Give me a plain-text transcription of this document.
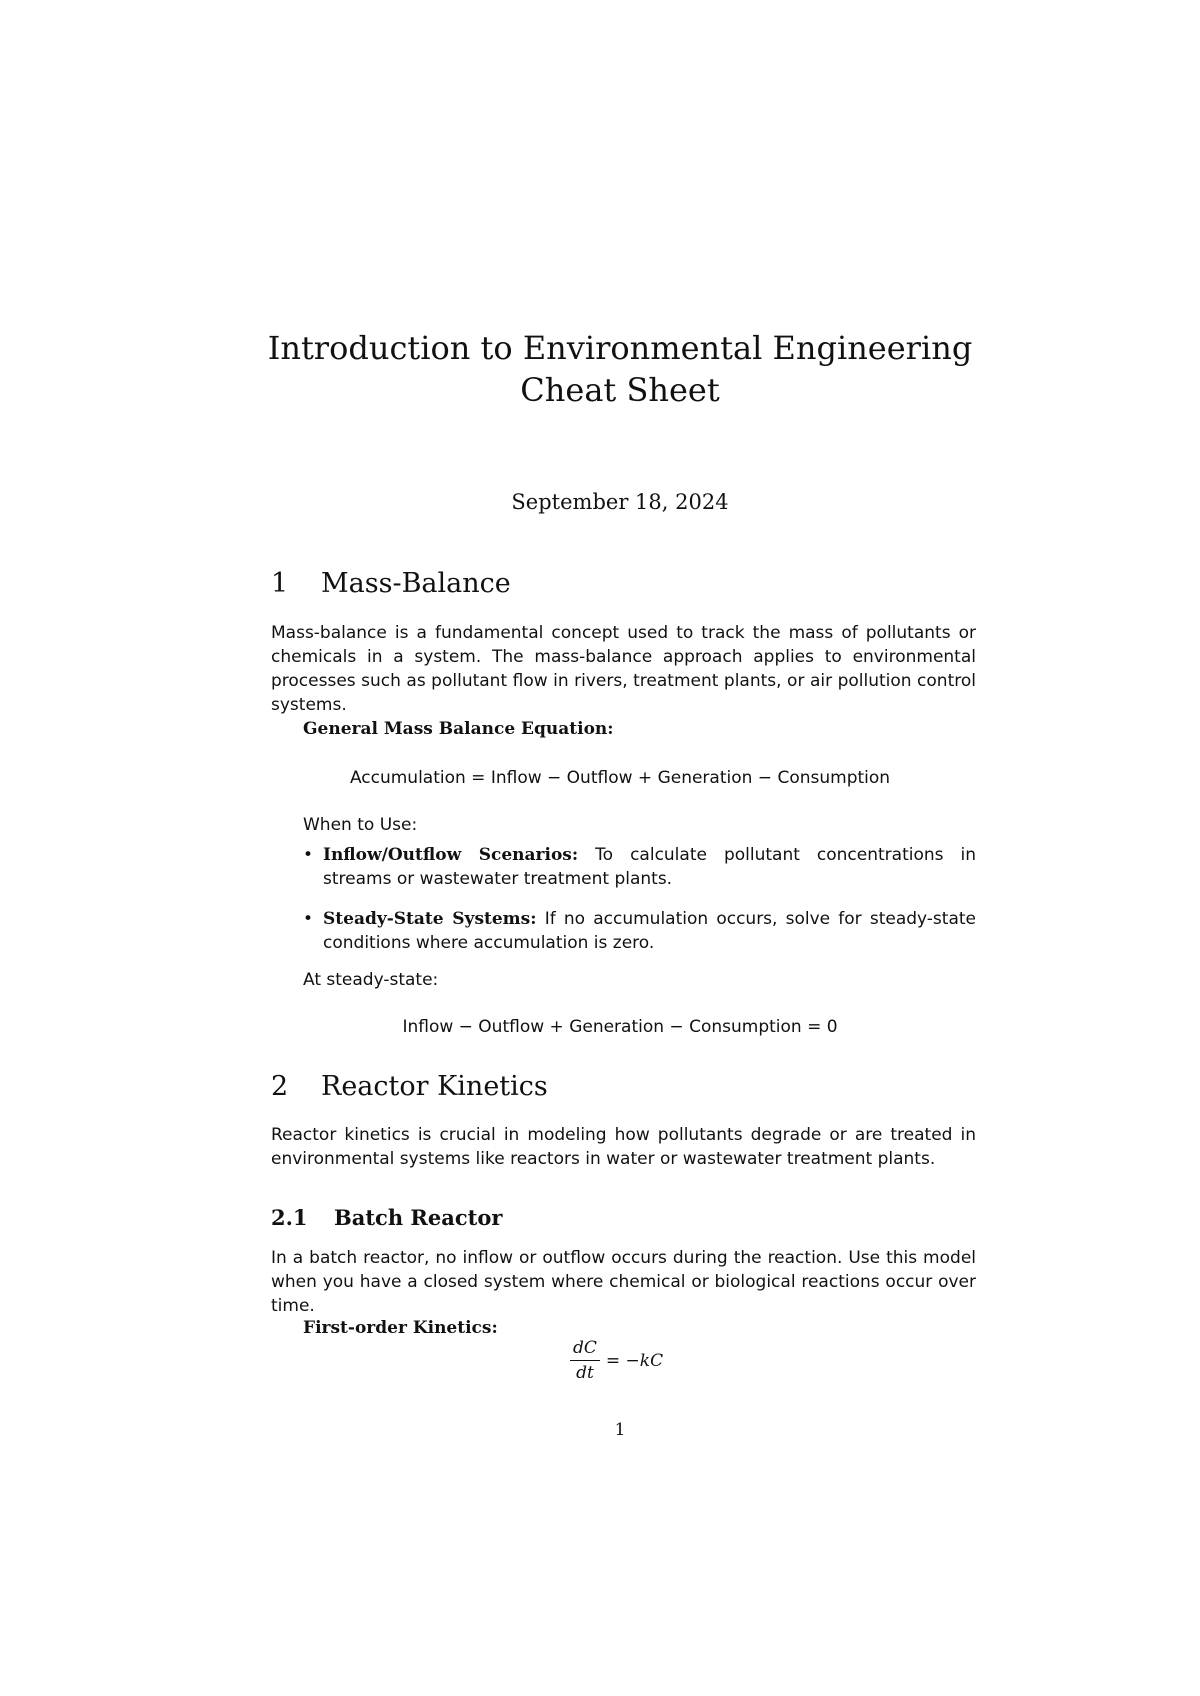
Introduction to Environmental Engineering
Cheat Sheet
September 18, 2024
1 Mass-Balance
Mass-balance is a fundamental concept used to track the mass of pollutants or chemicals in a system. The mass-balance approach applies to environmental processes such as pollutant flow in rivers, treatment plants, or air pollution control systems.
General Mass Balance Equation:
Accumulation = Inflow − Outflow + Generation − Consumption
When to Use:
• Inflow/Outflow Scenarios: To calculate pollutant concentrations in streams or wastewater treatment plants.
• Steady-State Systems: If no accumulation occurs, solve for steady-state conditions where accumulation is zero.
At steady-state:
Inflow − Outflow + Generation − Consumption = 0
2 Reactor Kinetics
Reactor kinetics is crucial in modeling how pollutants degrade or are treated in environmental systems like reactors in water or wastewater treatment plants.
2.1 Batch Reactor
In a batch reactor, no inflow or outflow occurs during the reaction. Use this model when you have a closed system where chemical or biological reactions occur over time.
First-order Kinetics:
$\frac{dC}{dt} = -kC$
1
